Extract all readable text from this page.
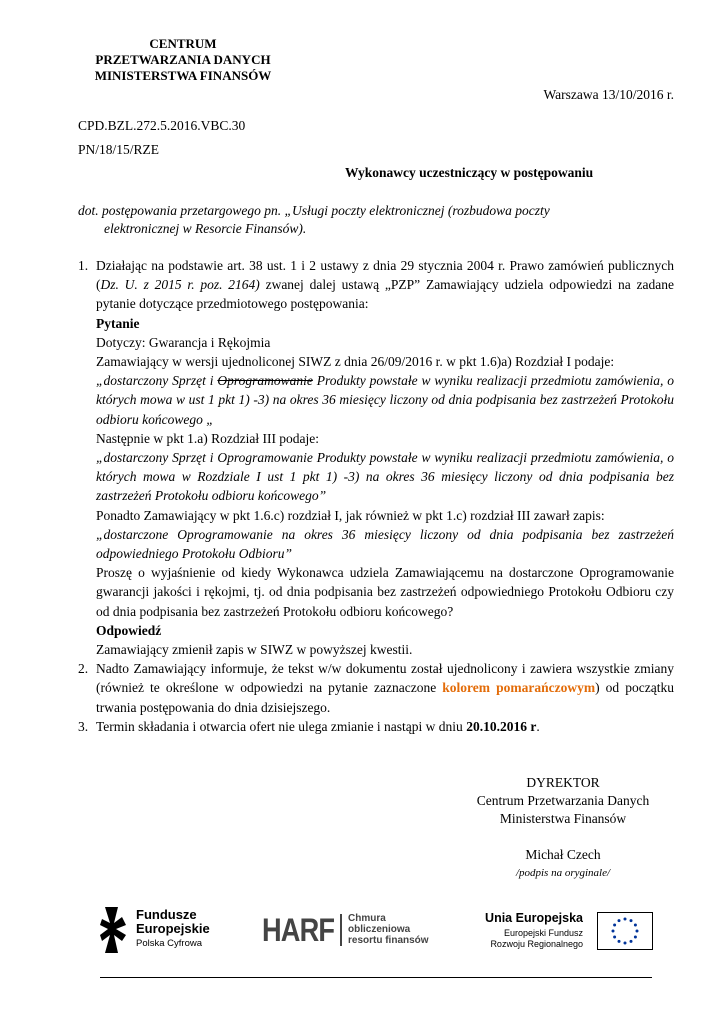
CENTRUM
PRZETWARZANIA DANYCH
MINISTERSTWA FINANSÓW
Warszawa 13/10/2016 r.
CPD.BZL.272.5.2016.VBC.30
PN/18/15/RZE
Wykonawcy uczestniczący w postępowaniu
dot. postępowania przetargowego pn. „Usługi poczty elektronicznej (rozbudowa poczty
elektronicznej w Resorcie Finansów).
1. Działając na podstawie art. 38 ust. 1 i 2 ustawy z dnia 29 stycznia 2004 r. Prawo zamówień publicznych (Dz. U. z 2015 r. poz. 2164) zwanej dalej ustawą „PZP” Zamawiający udziela odpowiedzi na zadane pytanie dotyczące przedmiotowego postępowania:
Pytanie
Dotyczy: Gwarancja i Rękojmia
Zamawiający w wersji ujednoliconej SIWZ z dnia 26/09/2016 r. w pkt 1.6)a) Rozdział I podaje:
„dostarczony Sprzęt i Oprogramowanie Produkty powstałe w wyniku realizacji przedmiotu zamówienia, o których mowa w ust 1 pkt 1) -3) na okres 36 miesięcy liczony od dnia podpisania bez zastrzeżeń Protokołu odbioru końcowego „
Następnie w pkt 1.a) Rozdział III podaje:
„dostarczony Sprzęt i Oprogramowanie Produkty powstałe w wyniku realizacji przedmiotu zamówienia, o których mowa w Rozdziale I ust 1 pkt 1) -3) na okres 36 miesięcy liczony od dnia podpisania bez zastrzeżeń Protokołu odbioru końcowego”
Ponadto Zamawiający w pkt 1.6.c) rozdział I, jak również w pkt 1.c) rozdział III zawarł zapis:
„dostarczone Oprogramowanie na okres 36 miesięcy liczony od dnia podpisania bez zastrzeżeń odpowiedniego Protokołu Odbioru”
Proszę o wyjaśnienie od kiedy Wykonawca udziela Zamawiającemu na dostarczone Oprogramowanie gwarancji jakości i rękojmi, tj. od dnia podpisania bez zastrzeżeń odpowiedniego Protokołu Odbioru czy od dnia podpisania bez zastrzeżeń Protokołu odbioru końcowego?
Odpowiedź
Zamawiający zmienił zapis w SIWZ w powyższej kwestii.
2. Nadto Zamawiający informuje, że tekst w/w dokumentu został ujednolicony i zawiera wszystkie zmiany (również te określone w odpowiedzi na pytanie zaznaczone kolorem pomarańczowym) od początku trwania postępowania do dnia dzisiejszego.
3. Termin składania i otwarcia ofert nie ulega zmianie i nastąpi w dniu 20.10.2016 r.
DYREKTOR
Centrum Przetwarzania Danych
Ministerstwa Finansów
Michał Czech
/podpis na oryginale/
Fundusze
Europejskie
Polska Cyfrowa HARF Chmura
obliczeniowa
resortu finansów
Unia Europejska
Europejski Fundusz
Rozwoju Regionalnego
